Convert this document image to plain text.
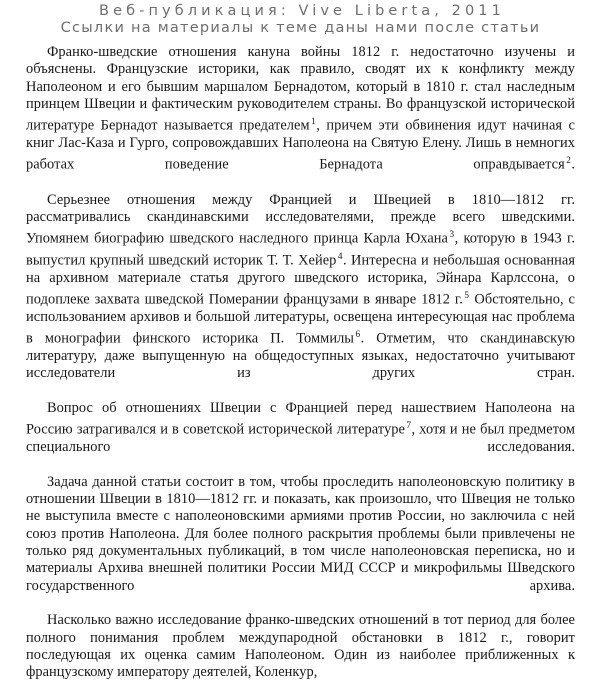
Веб-публикация: Vive Liberta, 2011
Ссылки на материалы к теме даны нами после статьи

Франко-шведские отношения кануна войны 1812 г. недостаточно изучены и объяснены. Французские историки, как правило, сводят их к конфликту между Наполеоном и его бывшим маршалом Бернадотом, который в 1810 г. стал наследным принцем Швеции и фактическим руководителем страны. Во французской исторической литературе Бернадот называется предателем $^1$, причем эти обвинения идут начиная с книг Лас-Каза и Гурго, сопровождавших Наполеона на Святую Елену. Лишь в немногих работах поведение Бернадота оправдывается $^2$.

Серьезнее отношения между Францией и Швецией в 1810—1812 гг. рассматривались скандинавскими исследователями, прежде всего шведскими. Упомянем биографию шведского наследного принца Карла Юхана $^3$, которую в 1943 г. выпустил крупный шведский историк Т. Т. Хейер $^4$. Интересна и небольшая основанная на архивном материале статья другого шведского историка, Эйнара Карлссона, о подоплеке захвата шведской Померании французами в январе 1812 г. $^5$ Обстоятельно, с использованием архивов и большой литературы, освещена интересующая нас проблема в монографии финского историка П. Томмилы $^6$. Отметим, что скандинавскую литературу, даже выпущенную на общедоступных языках, недостаточно учитывают исследователи из других стран.

Вопрос об отношениях Швеции с Францией перед нашествием Наполеона на Россию затрагивался и в советской исторической литературе $^7$, хотя и не был предметом специального исследования.

Задача данной статьи состоит в том, чтобы проследить наполеоновскую политику в отношении Швеции в 1810—1812 гг. и показать, как произошло, что Швеция не только не выступила вместе с наполеоновскими армиями против России, но заключила с ней союз против Наполеона. Для более полного раскрытия проблемы были привлечены не только ряд документальных публикаций, в том числе наполеоновская переписка, но и материалы Архива внешней политики России МИД СССР и микрофильмы Шведского государственного архива.

Насколько важно исследование франко-шведских отношений в тот период для более полного понимания проблем междупародной обстановки в 1812 г., говорит последующая их оценка самим Наполеоном. Один из наиболее приближенных к французскому императору деятелей, Коленкур,
